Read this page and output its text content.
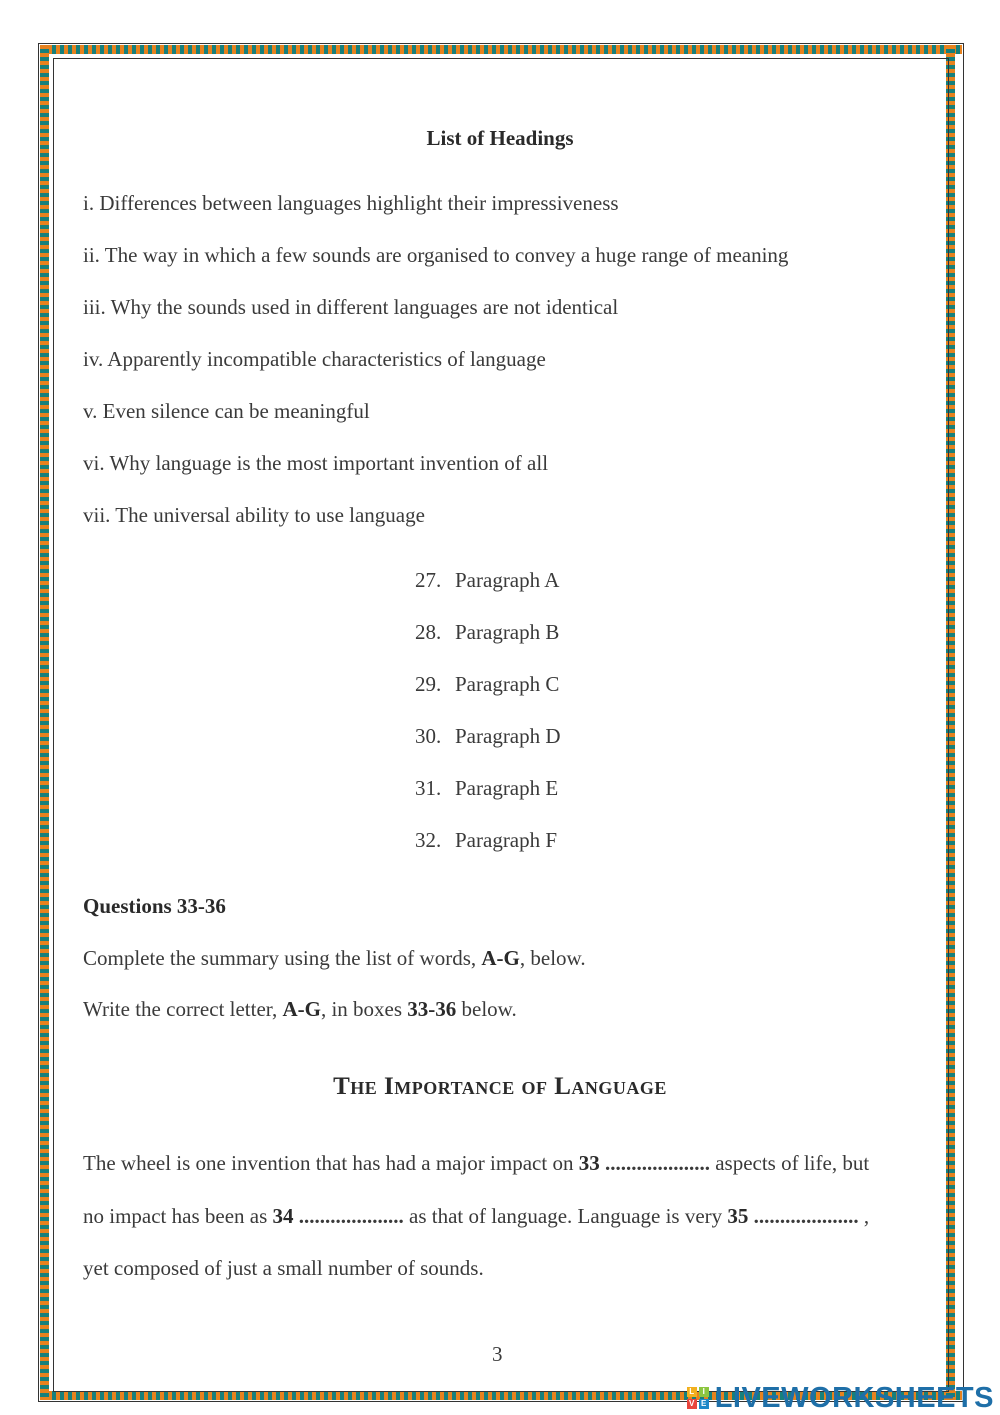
List of Headings
i. Differences between languages highlight their impressiveness
ii. The way in which a few sounds are organised to convey a huge range of meaning
iii. Why the sounds used in different languages are not identical
iv. Apparently incompatible characteristics of language
v. Even silence can be meaningful
vi. Why language is the most important invention of all
vii. The universal ability to use language
27. Paragraph A
28. Paragraph B
29. Paragraph C
30. Paragraph D
31. Paragraph E
32. Paragraph F
Questions 33-36
Complete the summary using the list of words, A-G, below.
Write the correct letter, A-G, in boxes 33-36 below.
The Importance of Language
The wheel is one invention that has had a major impact on 33 .................... aspects of life, but
no impact has been as 34 .................... as that of language. Language is very 35 .................... ,
yet composed of just a small number of sounds.
3
L	I
V E LIVEWORKSHEETS
